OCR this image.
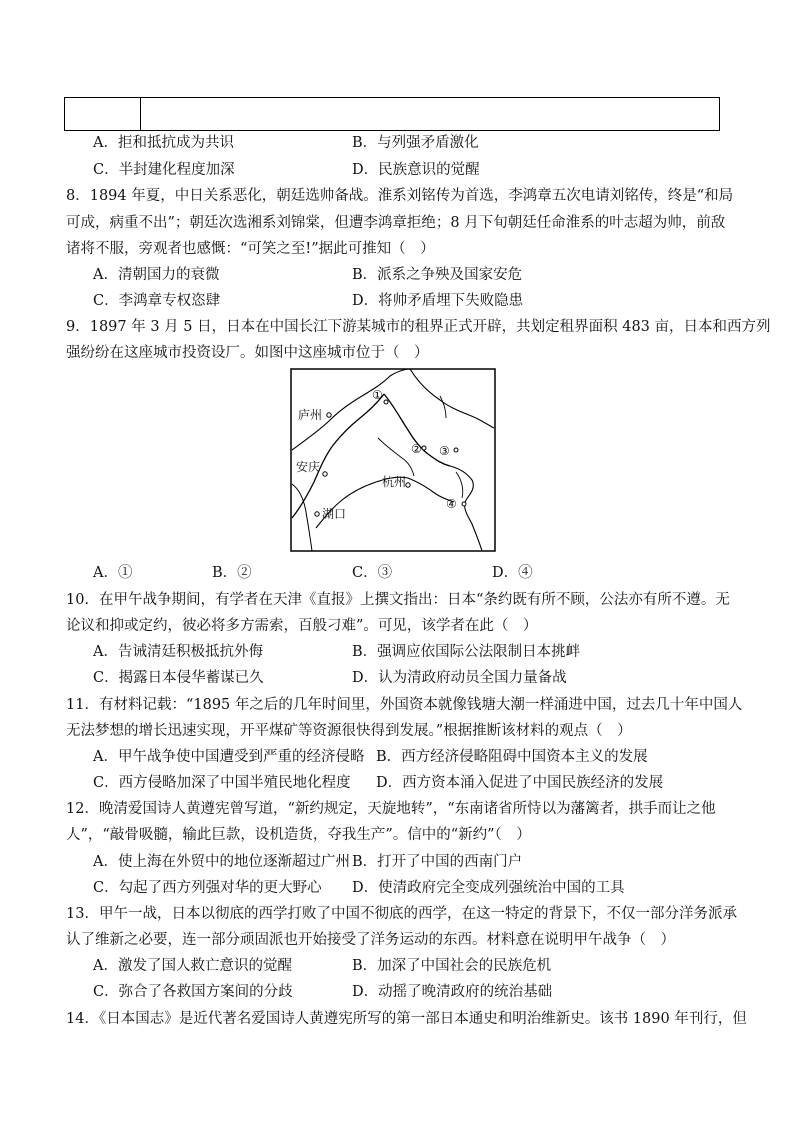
A．拒和抵抗成为共识	B．与列强矛盾激化
C．半封建化程度加深	D．民族意识的觉醒
8．1894 年夏，中日关系恶化，朝廷选帅备战。淮系刘铭传为首选，李鸿章五次电请刘铭传，终是“和局
可成，病重不出”；朝廷次选湘系刘锦棠，但遭李鸿章拒绝；8 月下旬朝廷任命淮系的叶志超为帅，前敌
诸将不服，旁观者也感慨：“可笑之至!”据此可推知（　）
A．清朝国力的衰微	B．派系之争殃及国家安危
C．李鸿章专权恣肆	D．将帅矛盾埋下失败隐患
9．1897 年 3 月 5 日，日本在中国长江下游某城市的租界正式开辟，共划定租界面积 483 亩，日本和西方列
强纷纷在这座城市投资设厂。如图中这座城市位于（　）
庐州
安庆
湖口
杭州
①
② ③
④
A．①	B．②	C．③	D．④
10．在甲午战争期间，有学者在天津《直报》上撰文指出：日本“条约既有所不顾，公法亦有所不遵。无
论议和抑或定约，彼必将多方需索，百般刁难”。可见，该学者在此（　）
A．告诫清廷积极抵抗外侮	B．强调应依国际公法限制日本挑衅
C．揭露日本侵华蓄谋已久	D．认为清政府动员全国力量备战
11．有材料记载：“1895 年之后的几年时间里，外国资本就像钱塘大潮一样涌进中国，过去几十年中国人
无法梦想的增长迅速实现，开平煤矿等资源很快得到发展。”根据推断该材料的观点（　）
A．甲午战争使中国遭受到严重的经济侵略 B．西方经济侵略阻碍中国资本主义的发展
C．西方侵略加深了中国半殖民地化程度 D．西方资本涌入促进了中国民族经济的发展
12．晚清爱国诗人黄遵宪曾写道，“新约规定，天旋地转”，“东南诸省所恃以为藩篱者，拱手而让之他
人”，“敲骨吸髓，输此巨款，设机造货，夺我生产”。信中的“新约”（　）
A．使上海在外贸中的地位逐渐超过广州 B．打开了中国的西南门户
C．勾起了西方列强对华的更大野心 D．使清政府完全变成列强统治中国的工具
13．甲午一战，日本以彻底的西学打败了中国不彻底的西学，在这一特定的背景下，不仅一部分洋务派承
认了维新之必要，连一部分顽固派也开始接受了洋务运动的东西。材料意在说明甲午战争（　）
A．激发了国人救亡意识的觉醒	B．加深了中国社会的民族危机
C．弥合了各救国方案间的分歧	D．动摇了晚清政府的统治基础
14．《日本国志》是近代著名爱国诗人黄遵宪所写的第一部日本通史和明治维新史。该书 1890 年刊行，但
